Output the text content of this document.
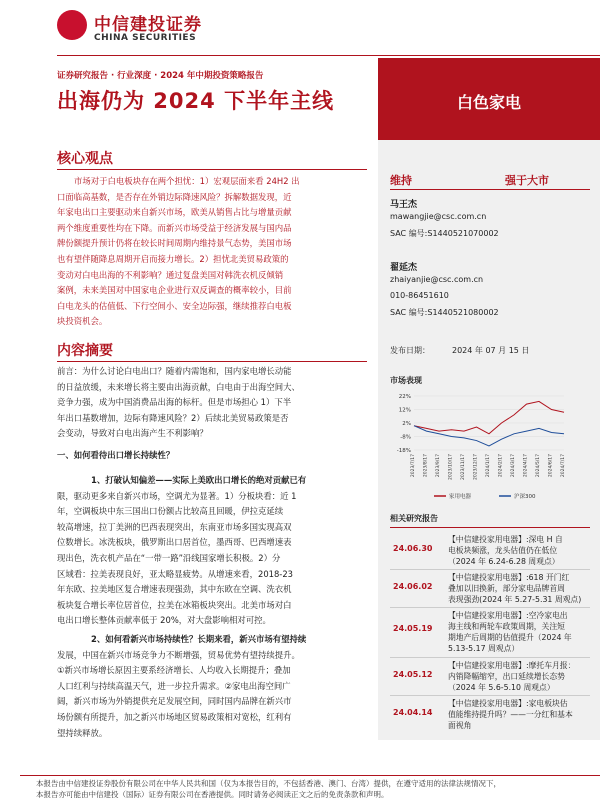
中信建投证券
CHINA SECURITIES
证券研究报告 · 行业深度 · 2024 年中期投资策略报告
出海仍为 2024 下半年主线	白色家电
核心观点
市场对于白电板块存在两个担忧：1）宏观层面来看 24H2 出
口面临高基数，是否存在外销边际降速风险？拆解数据发现，近
年家电出口主要驱动来自新兴市场，欧美从销售占比与增量贡献
两个维度重要性均在下降。而新兴市场受益于经济发展与国内品
牌份额提升预计仍将在较长时间周期内维持景气态势，美国市场
也有望伴随降息周期开启而接力增长。2）担忧北美贸易政策的
变动对白电出海的不利影响？通过复盘美国对韩洗衣机反倾销
案例，未来美国对中国家电企业进行双反调查的概率较小，目前
白电龙头的估值低、下行空间小、安全边际强，继续推荐白电板
块投资机会。
内容摘要
前言：为什么讨论白电出口？随着内需饱和，国内家电增长动能
的日益放缓，未来增长将主要由出海贡献，白电由于出海空间大、
竞争力强，成为中国消费品出海的标杆。但是市场担心 1）下半
年出口基数增加，边际有降速风险？2）后续北美贸易政策是否
会变动，导致对白电出海产生不利影响？
一、如何看待出口增长持续性？
1、打破认知偏差——实际上美欧出口增长的绝对贡献已有
限，驱动更多来自新兴市场，空调尤为显著。1）分板块看：近 1
年，空调板块中东三国出口份额占比较高且回暖，伊拉克延续
较高增速，拉丁美洲的巴西表现突出，东南亚市场多国实现高双
位数增长。冰洗板块，俄罗斯出口居首位，墨西哥、巴西增速表
现出色，洗衣机产品在“一带一路”沿线国家增长积极。2）分
区域看：拉美表现良好，亚太略显疲势。从增速来看，2018-23
年东欧、拉美地区复合增速表现强劲，其中东欧在空调、洗衣机
板块复合增长率位居首位，拉美在冰箱板块突出。北美市场对白
电出口增长整体贡献率低于 20%，对大盘影响相对可控。
2、如何看新兴市场持续性？长期来看，新兴市场有望持续
发展，中国在新兴市场竞争力不断增强，贸易优势有望持续提升。
①新兴市场增长原因主要系经济增长、人均收入长期提升；叠加
人口红利与持续高温天气，进一步拉升需求。②家电出海空间广
阔，新兴市场为外销提供充足发展空间，同时国内品牌在新兴市
场份额有所提升，加之新兴市场地区贸易政策相对宽松，红利有
望持续释放。
维持	强于大市
马王杰
mawangjie@csc.com.cn
SAC 编号:S1440521070002
翟延杰
zhaiyanjie@csc.com.cn
010-86451610
SAC 编号:S1440521080002
发布日期：	2024 年 07 月 15 日
市场表现
22%
12%
2%
-8%
-18%
2023/7/17 2023/8/17 2023/9/17 2023/10/17 2023/11/17 2023/12/17 2024/1/17 2024/2/17 2024/3/17 2024/4/17 2024/5/17 2024/6/17 2024/7/17
家用电器	沪深300
相关研究报告
24.06.30
【中信建投家用电器】:深电 H 自
电板块频涨，龙头估值仍在低位
（2024 年 6.24-6.28 周观点）
24.06.02
【中信建投家用电器】:618 开门红
叠加以旧换新，部分家电品牌首周
表现强劲(2024 年 5.27-5.31 周观点)
24.05.19
【中信建投家用电器】:空冷家电出
海主线和两轮车政策周期，关注短
期地产后周期的估值提升（2024 年
5.13-5.17 周观点）
24.05.12
【中信建投家用电器】:摩托车月报：
内销降幅缩窄，出口延续增长态势
（2024 年 5.6-5.10 周观点）
24.04.14
【中信建投家用电器】:家电板块估
值能维持提升吗？——一分红和基本
面视角
本报告由中信建投证券股份有限公司在中华人民共和国（仅为本报告目的，不包括香港、澳门、台湾）提供，在遵守适用的法律法规情况下，
本报告亦可能由中信建投（国际）证券有限公司在香港提供。同时请务必阅读正文之后的免责条款和声明。
